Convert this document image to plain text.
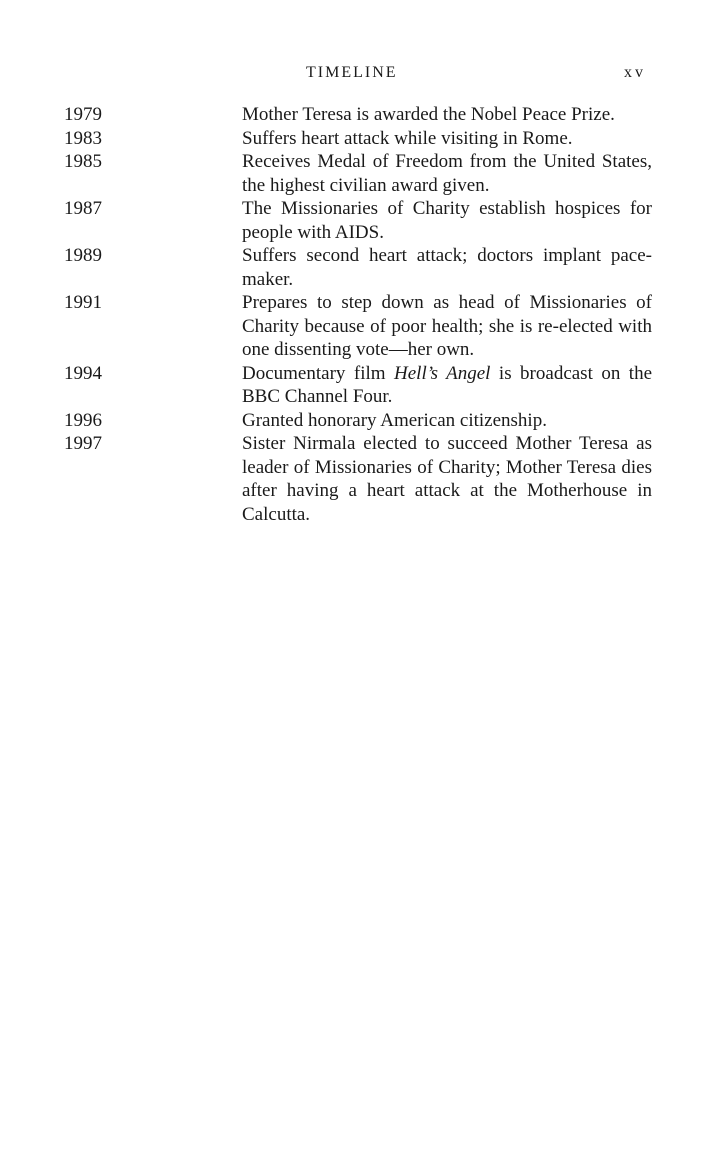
TIMELINE	xv
1979	Mother Teresa is awarded the Nobel Peace Prize.
1983	Suffers heart attack while visiting in Rome.
1985	Receives Medal of Freedom from the United States, the highest civilian award given.
1987	The Missionaries of Charity establish hospices for people with AIDS.
1989	Suffers second heart attack; doctors implant pace-maker.
1991	Prepares to step down as head of Missionaries of Charity because of poor health; she is re-elected with one dissenting vote—her own.
1994	Documentary film Hell’s Angel is broadcast on the BBC Channel Four.
1996	Granted honorary American citizenship.
1997	Sister Nirmala elected to succeed Mother Teresa as leader of Missionaries of Charity; Mother Teresa dies after having a heart attack at the Motherhouse in Calcutta.
